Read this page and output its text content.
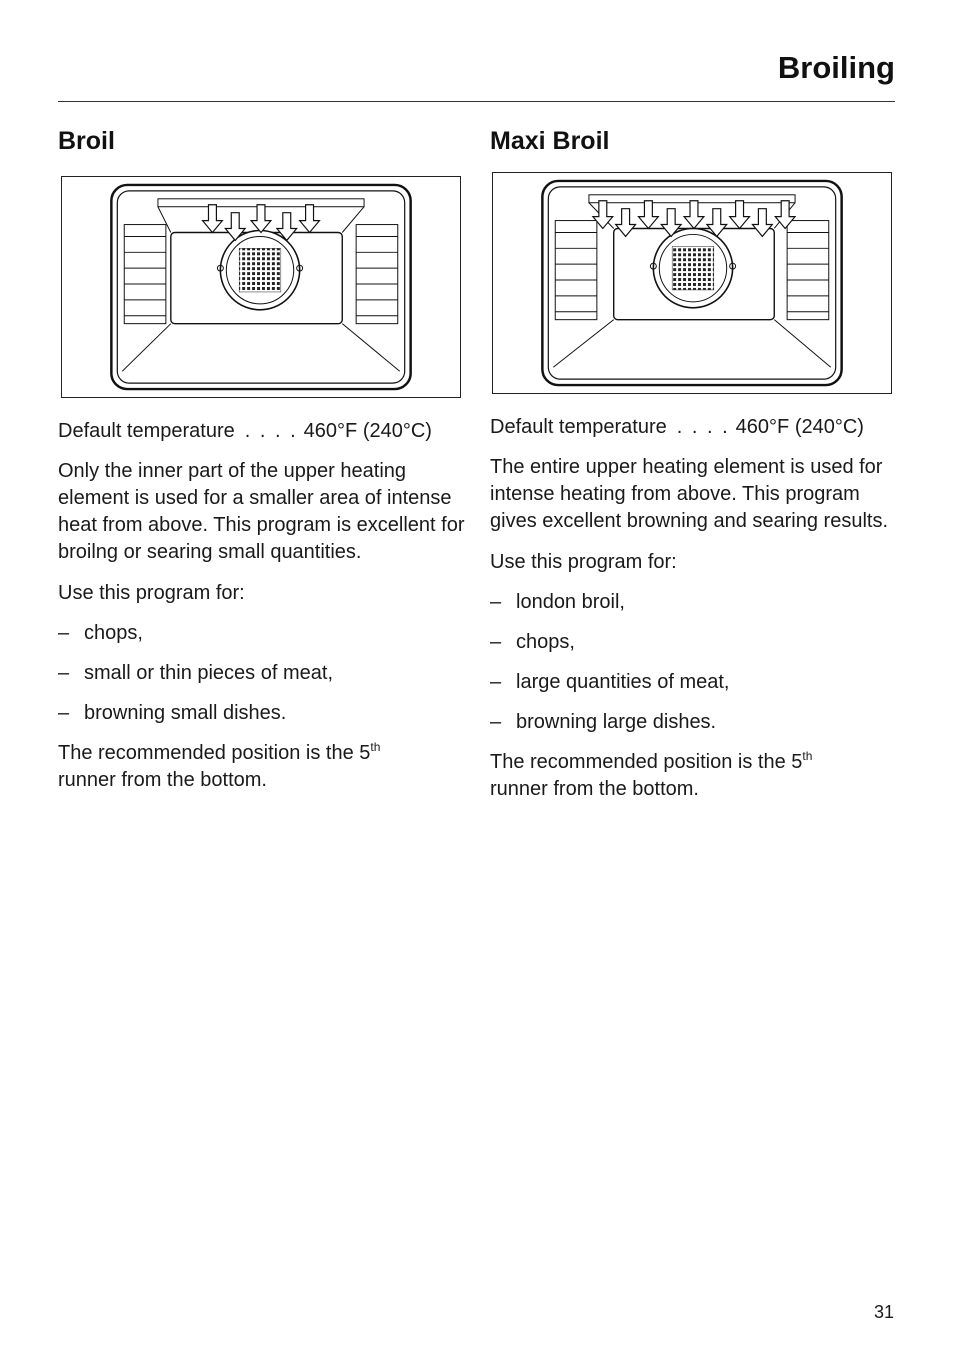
Broiling
Broil

Default temperature . . . . 460°F (240°C)

Only the inner part of the upper heating element is used for a smaller area of intense heat from above. This program is excellent for broilng or searing small quantities.

Use this program for:

– chops,
– small or thin pieces of meat,
– browning small dishes.

The recommended position is the 5th
runner from the bottom.

Maxi Broil

Default temperature . . . . 460°F (240°C)

The entire upper heating element is used for intense heating from above. This program gives excellent browning and searing results.

Use this program for:

– london broil,
– chops,
– large quantities of meat,
– browning large dishes.

The recommended position is the 5th
runner from the bottom.

31
